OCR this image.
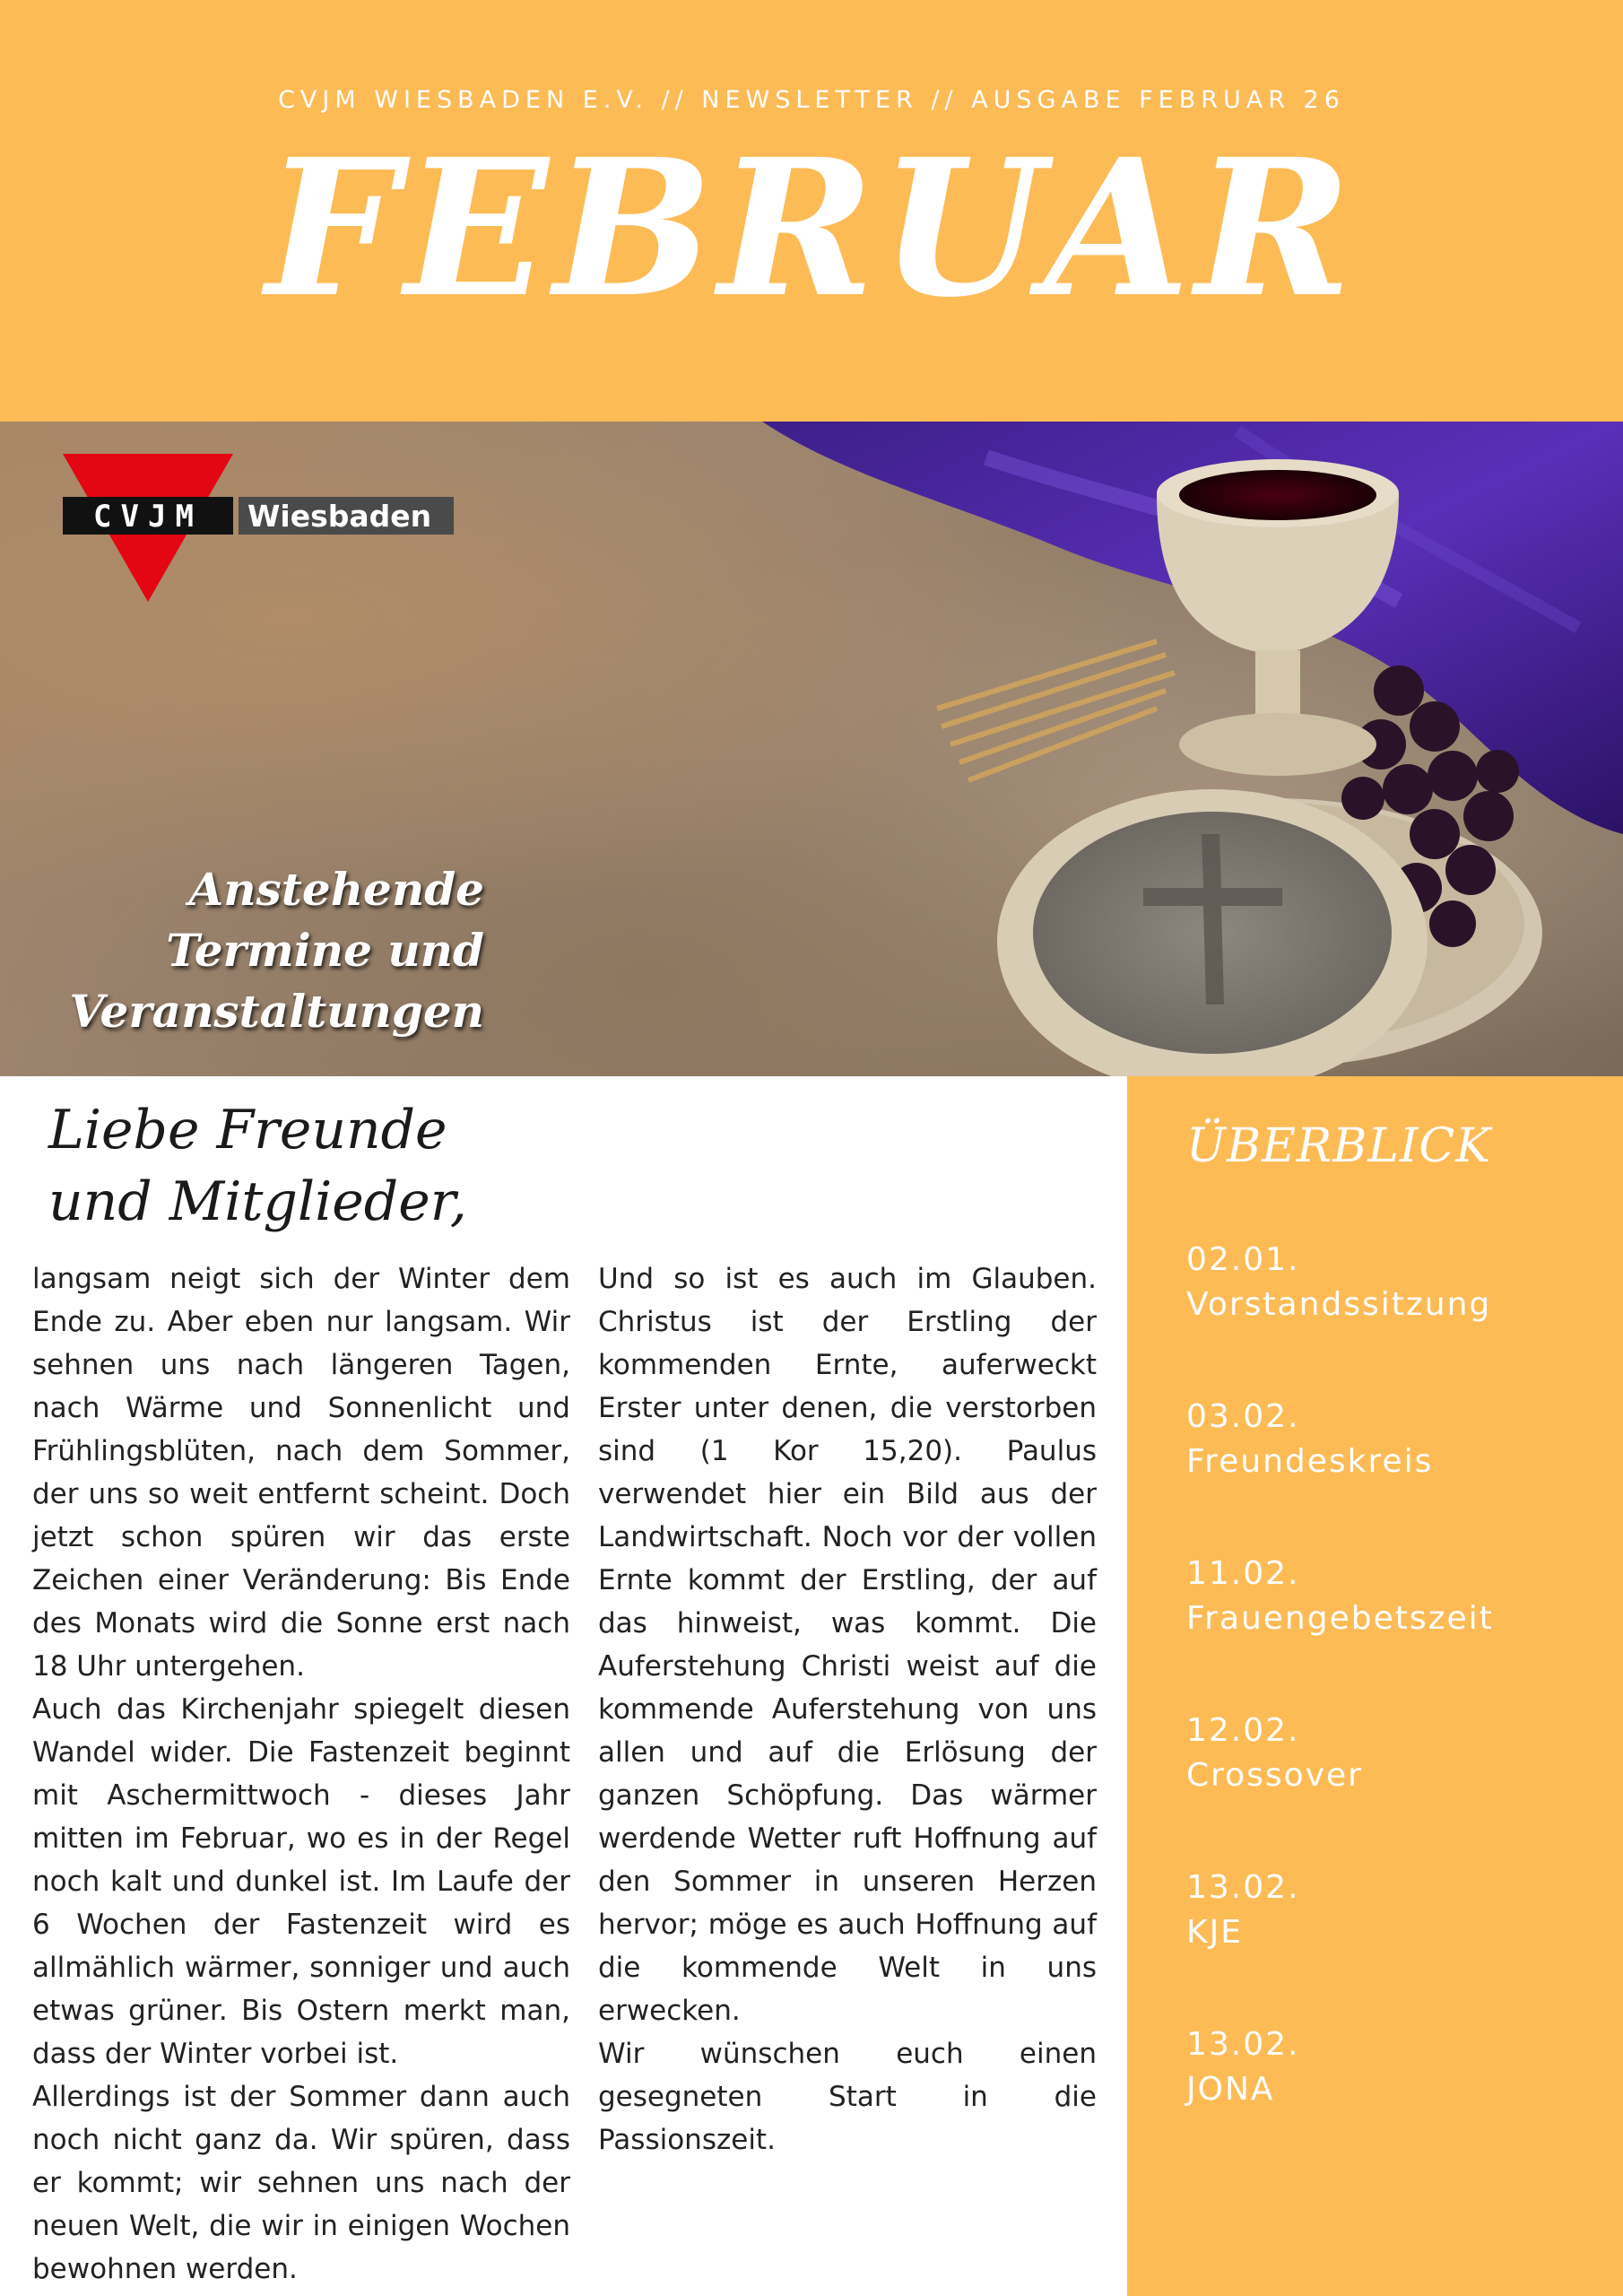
CVJM WIESBADEN E.V. // NEWSLETTER // AUSGABE FEBRUAR 26
FEBRUAR
CVJM Wiesbaden
Anstehende
Termine und
Veranstaltungen
Liebe Freunde
und Mitglieder,

langsam neigt sich der Winter dem Ende zu. Aber eben nur langsam. Wir sehnen uns nach längeren Tagen, nach Wärme und Sonnenlicht und Frühlingsblüten, nach dem Sommer, der uns so weit entfernt scheint. Doch jetzt schon spüren wir das erste Zeichen einer Veränderung: Bis Ende des Monats wird die Sonne erst nach 18 Uhr untergehen.

Auch das Kirchenjahr spiegelt diesen Wandel wider. Die Fastenzeit beginnt mit Aschermittwoch - dieses Jahr mitten im Februar, wo es in der Regel noch kalt und dunkel ist. Im Laufe der 6 Wochen der Fastenzeit wird es allmählich wärmer, sonniger und auch etwas grüner. Bis Ostern merkt man, dass der Winter vorbei ist.

Allerdings ist der Sommer dann auch noch nicht ganz da. Wir spüren, dass er kommt; wir sehnen uns nach der neuen Welt, die wir in einigen Wochen bewohnen werden.

Und so ist es auch im Glauben. Christus ist der Erstling der kommenden Ernte, auferweckt Erster unter denen, die verstorben sind (1 Kor 15,20). Paulus verwendet hier ein Bild aus der Landwirtschaft. Noch vor der vollen Ernte kommt der Erstling, der auf das hinweist, was kommt. Die Auferstehung Christi weist auf die kommende Auferstehung von uns allen und auf die Erlösung der ganzen Schöpfung. Das wärmer werdende Wetter ruft Hoffnung auf den Sommer in unseren Herzen hervor; möge es auch Hoffnung auf die kommende Welt in uns erwecken.

Wir wünschen euch einen gesegneten Start in die Passionszeit.

ÜBERBLICK
02.01.
Vorstandssitzung
03.02.
Freundeskreis
11.02.
Frauengebetszeit
12.02.
Crossover
13.02.
KJE
13.02.
JONA
